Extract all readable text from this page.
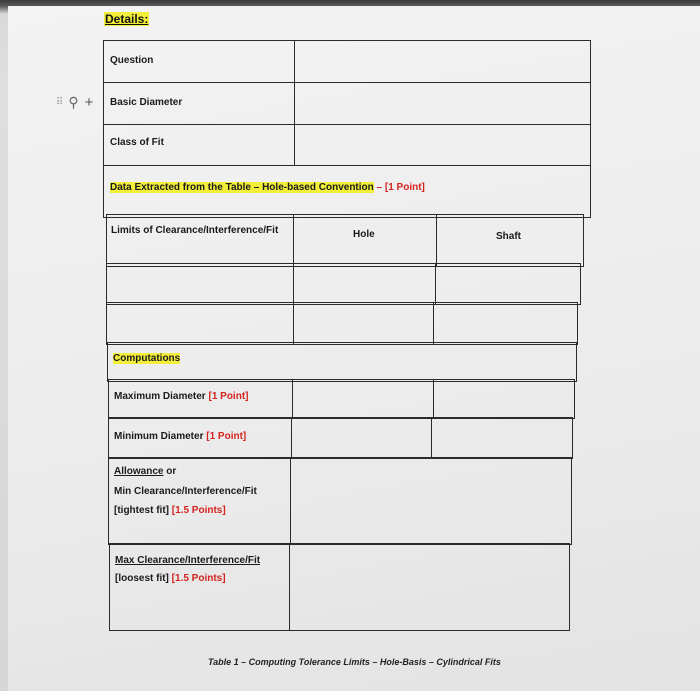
Details:
⠿ ⚲ +
Question
Basic Diameter
Class of Fit
Data Extracted from the Table – Hole-based Convention – [1 Point]
Limits of Clearance/Interference/Fit	Hole	Shaft
Computations
Maximum Diameter [1 Point]
Minimum Diameter [1 Point]
Allowance or
Min Clearance/Interference/Fit
[tightest fit] [1.5 Points]
Max Clearance/Interference/Fit
[loosest fit] [1.5 Points]
Table 1 – Computing Tolerance Limits – Hole-Basis – Cylindrical Fits
